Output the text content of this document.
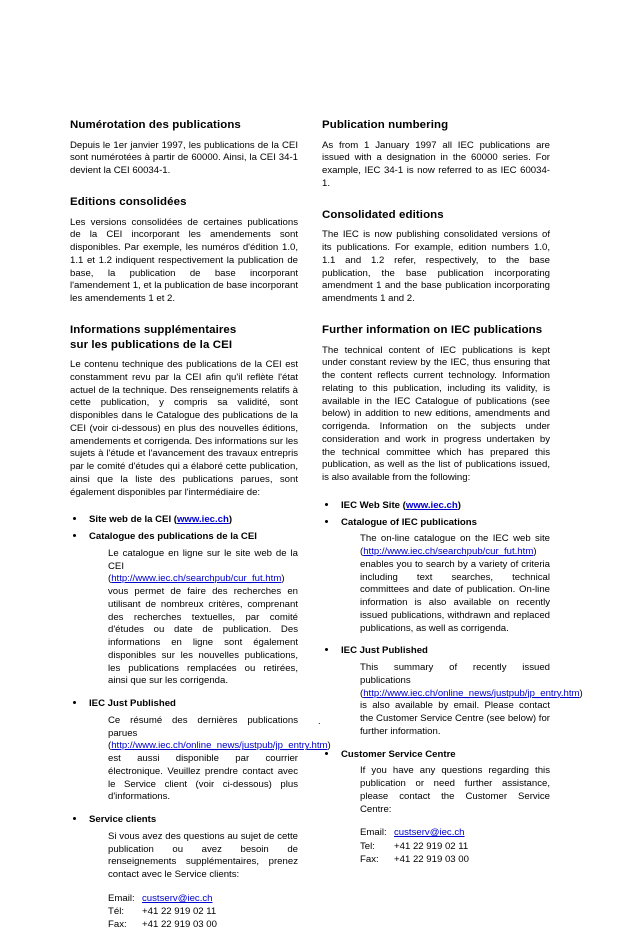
Numérotation des publications

Depuis le 1er janvier 1997, les publications de la CEI sont numérotées à partir de 60000. Ainsi, la CEI 34-1 devient la CEI 60034-1.

Editions consolidées

Les versions consolidées de certaines publications de la CEI incorporant les amendements sont disponibles. Par exemple, les numéros d'édition 1.0, 1.1 et 1.2 indiquent respectivement la publication de base, la publication de base incorporant l'amendement 1, et la publication de base incorporant les amendements 1 et 2.

Informations supplémentaires
sur les publications de la CEI

Le contenu technique des publications de la CEI est constamment revu par la CEI afin qu'il reflète l'état actuel de la technique. Des renseignements relatifs à cette publication, y compris sa validité, sont disponibles dans le Catalogue des publications de la CEI (voir ci-dessous) en plus des nouvelles éditions, amendements et corrigenda. Des informations sur les sujets à l'étude et l'avancement des travaux entrepris par le comité d'études qui a élaboré cette publication, ainsi que la liste des publications parues, sont également disponibles par l'intermédiaire de:

Site web de la CEI (www.iec.ch)
Catalogue des publications de la CEI

Le catalogue en ligne sur le site web de la CEI (http://www.iec.ch/searchpub/cur_fut.htm) vous permet de faire des recherches en utilisant de nombreux critères, comprenant des recherches textuelles, par comité d'études ou date de publication. Des informations en ligne sont également disponibles sur les nouvelles publications, les publications remplacées ou retirées, ainsi que sur les corrigenda.

IEC Just Published

Ce résumé des dernières publications parues (http://www.iec.ch/online_news/justpub/jp_entry.htm) est aussi disponible par courrier électronique. Veuillez prendre contact avec le Service client (voir ci-dessous) plus d'informations.

Service clients

Si vous avez des questions au sujet de cette publication ou avez besoin de renseignements supplémentaires, prenez contact avec le Service clients:

Email: custserv@iec.ch
Tél:	+41 22 919 02 11
Fax:	+41 22 919 03 00
Publication numbering

As from 1 January 1997 all IEC publications are issued with a designation in the 60000 series. For example, IEC 34-1 is now referred to as IEC 60034-1.

Consolidated editions

The IEC is now publishing consolidated versions of its publications. For example, edition numbers 1.0, 1.1 and 1.2 refer, respectively, to the base publication, the base publication incorporating amendment 1 and the base publication incorporating amendments 1 and 2.

Further information on IEC publications

The technical content of IEC publications is kept under constant review by the IEC, thus ensuring that the content reflects current technology. Information relating to this publication, including its validity, is available in the IEC Catalogue of publications (see below) in addition to new editions, amendments and corrigenda. Information on the subjects under consideration and work in progress undertaken by the technical committee which has prepared this publication, as well as the list of publications issued, is also available from the following:

IEC Web Site (www.iec.ch)
Catalogue of IEC publications

The on-line catalogue on the IEC web site (http://www.iec.ch/searchpub/cur_fut.htm) enables you to search by a variety of criteria including text searches, technical committees and date of publication. On-line information is also available on recently issued publications, withdrawn and replaced publications, as well as corrigenda.

IEC Just Published

This summary of recently issued publications (http://www.iec.ch/online_news/justpub/jp_entry.htm) is also available by email. Please contact the Customer Service Centre (see below) for further information.

Customer Service Centre

If you have any questions regarding this publication or need further assistance, please contact the Customer Service Centre:

Email: custserv@iec.ch
Tel:	+41 22 919 02 11
Fax:	+41 22 919 03 00
.
